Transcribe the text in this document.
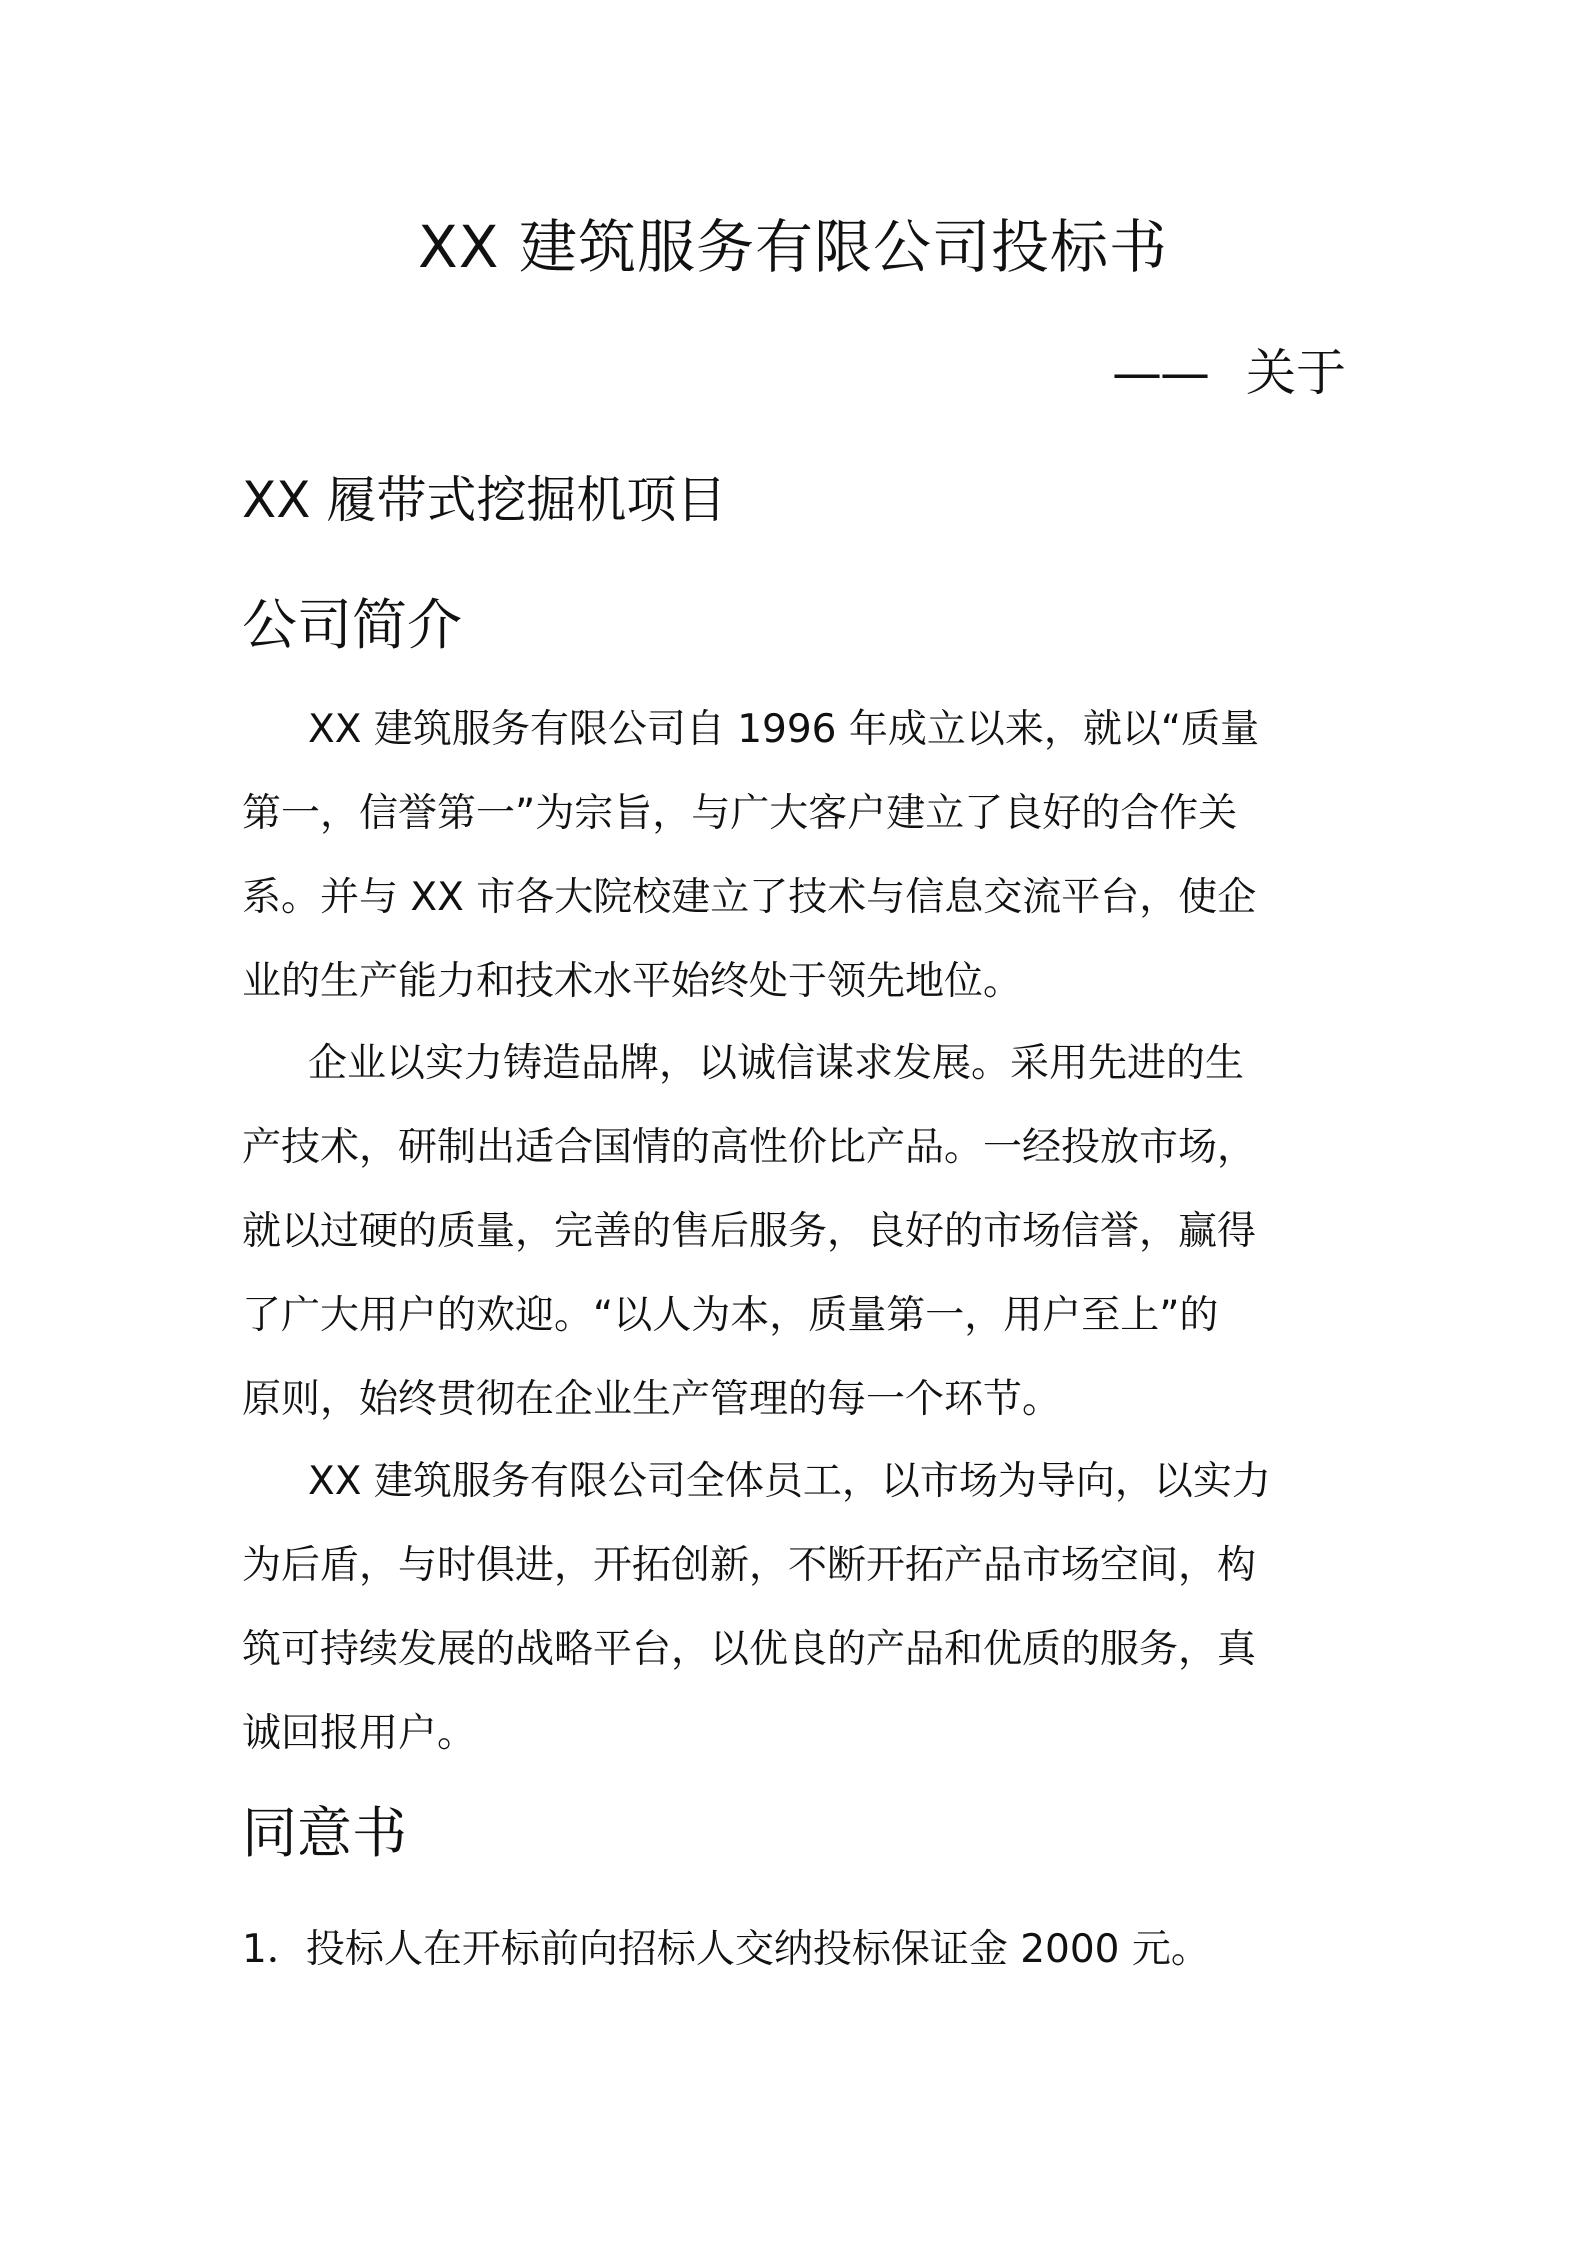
XX 建筑服务有限公司投标书
—— 关于
XX 履带式挖掘机项目
公司简介
XX 建筑服务有限公司自 1996 年成立以来，就以“质量
第一，信誉第一”为宗旨，与广大客户建立了良好的合作关
系。并与 XX 市各大院校建立了技术与信息交流平台，使企
业的生产能力和技术水平始终处于领先地位。
企业以实力铸造品牌，以诚信谋求发展。采用先进的生
产技术，研制出适合国情的高性价比产品。一经投放市场，
就以过硬的质量，完善的售后服务，良好的市场信誉，赢得
了广大用户的欢迎。“以人为本，质量第一，用户至上”的
原则，始终贯彻在企业生产管理的每一个环节。
XX 建筑服务有限公司全体员工，以市场为导向，以实力
为后盾，与时俱进，开拓创新，不断开拓产品市场空间，构
筑可持续发展的战略平台，以优良的产品和优质的服务，真
诚回报用户。
同意书
1．投标人在开标前向招标人交纳投标保证金 2000 元。
